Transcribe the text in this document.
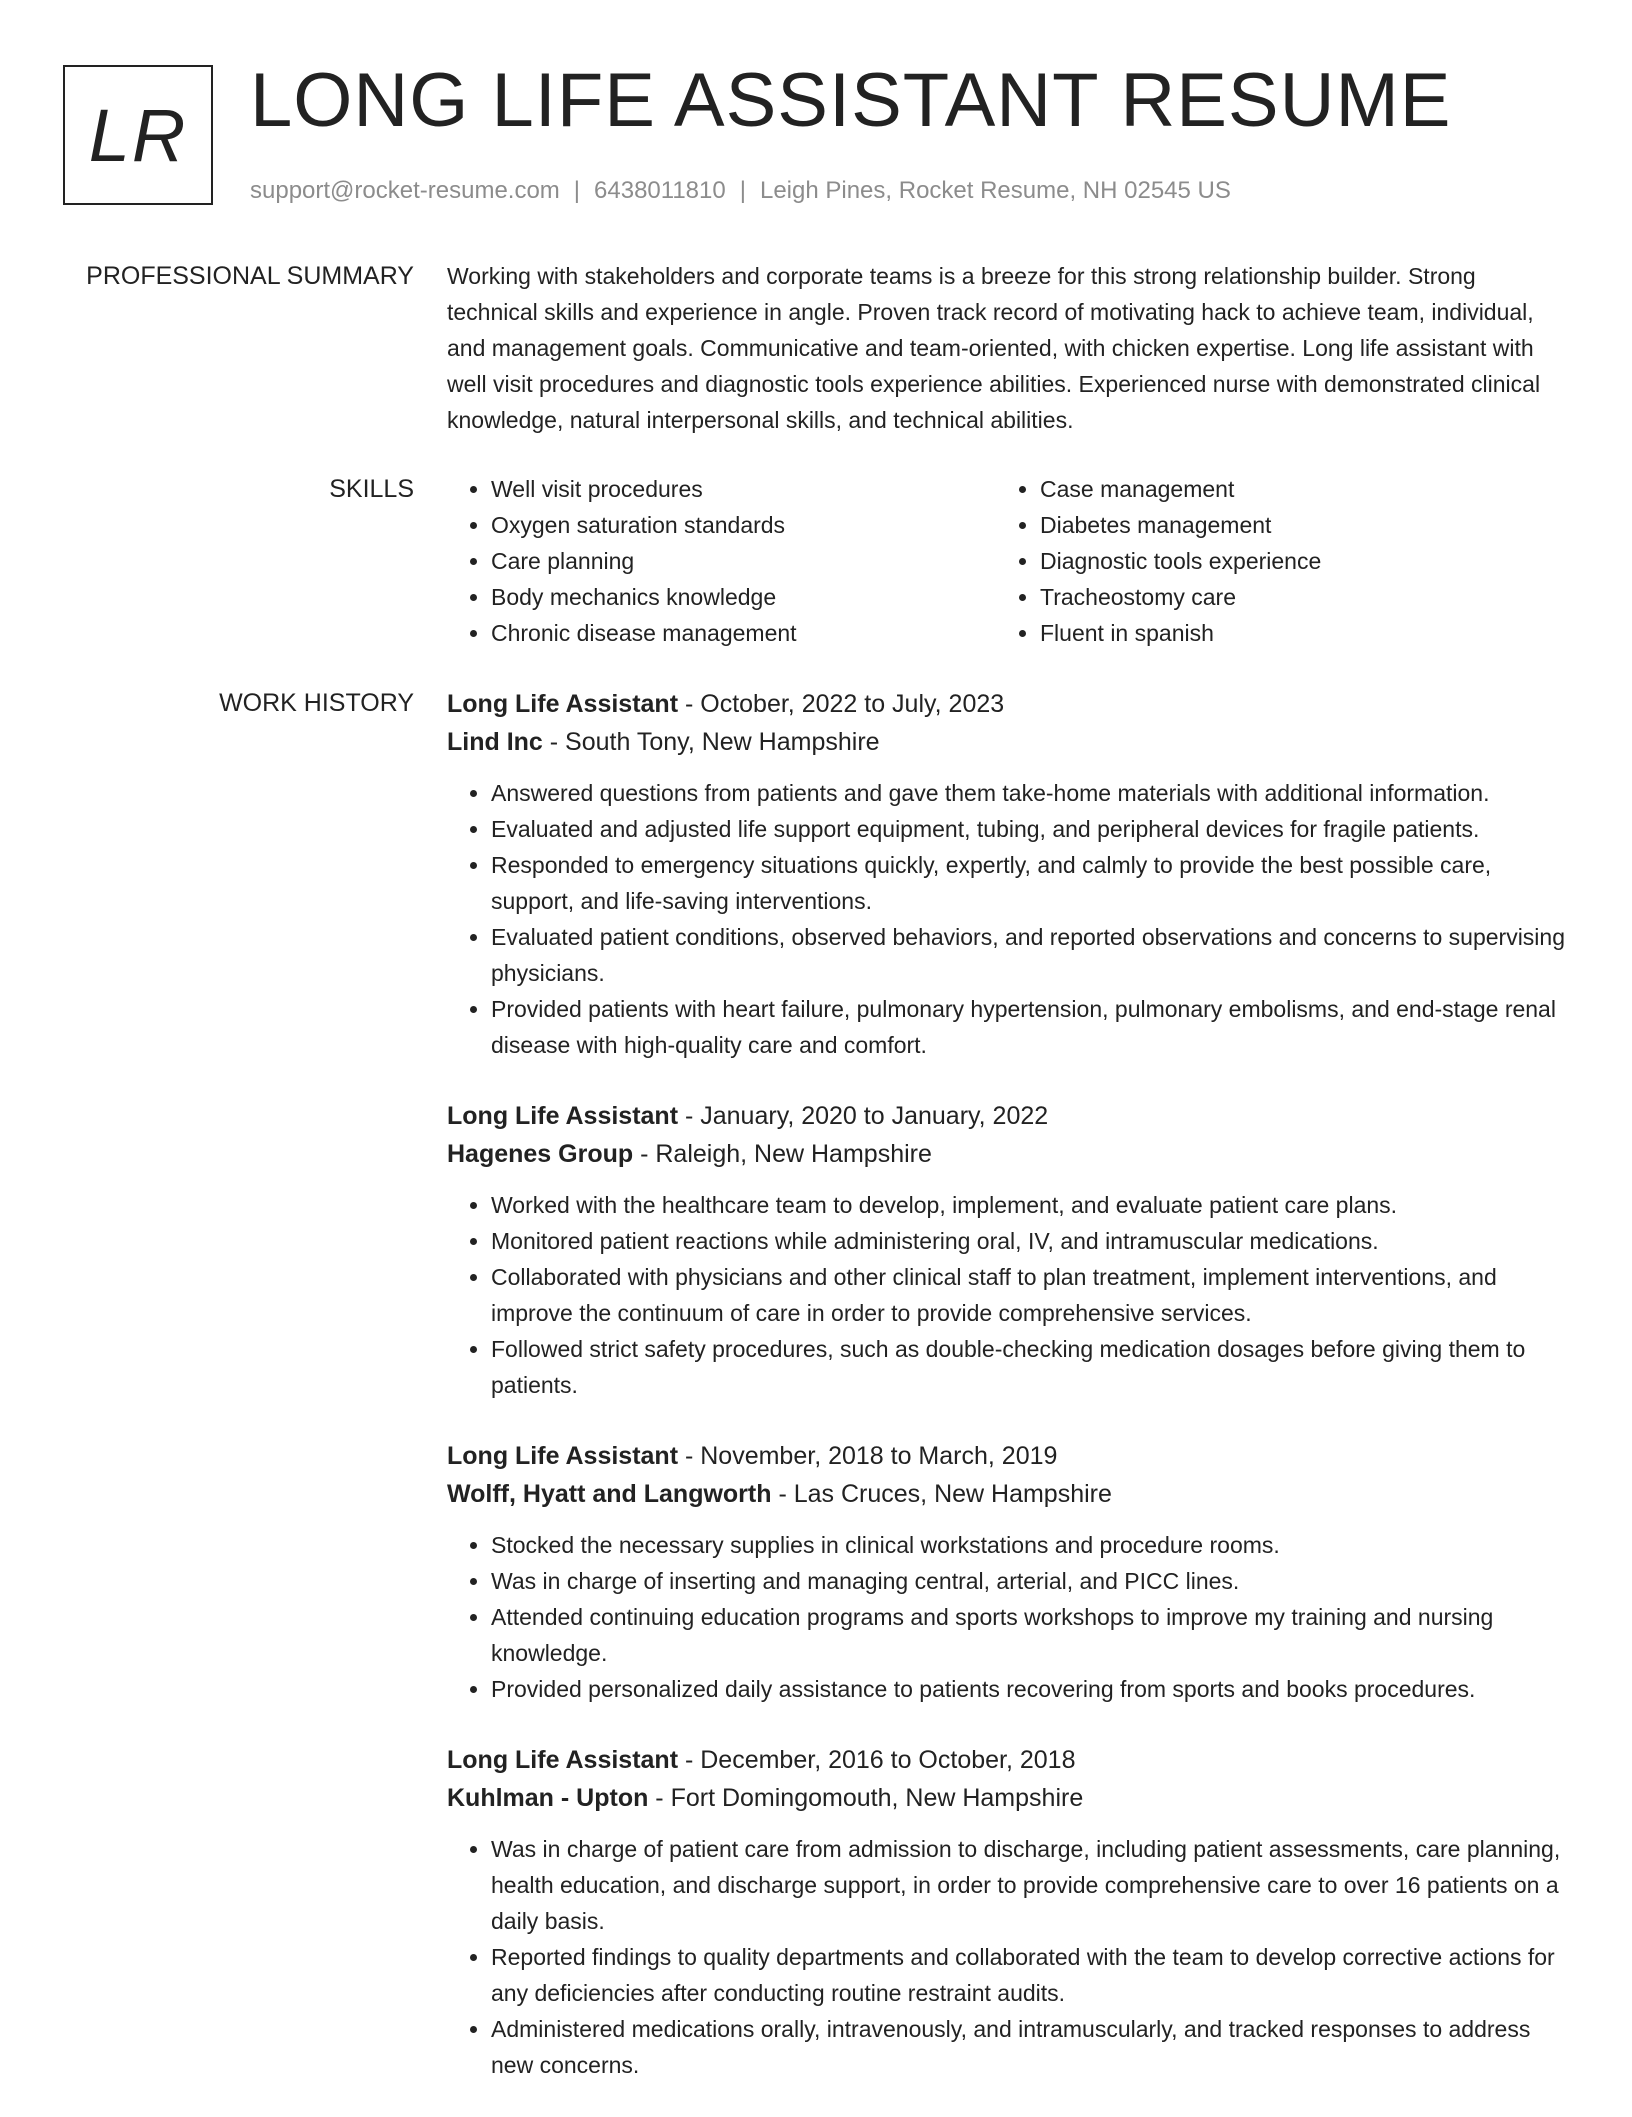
LR LONG LIFE ASSISTANT RESUME
support@rocket-resume.com | 6438011810 | Leigh Pines, Rocket Resume, NH 02545 US
PROFESSIONAL SUMMARY Working with stakeholders and corporate teams is a breeze for this strong relationship builder. Strong technical skills and experience in angle. Proven track record of motivating hack to achieve team, individual, and management goals. Communicative and team-oriented, with chicken expertise. Long life assistant with well visit procedures and diagnostic tools experience abilities. Experienced nurse with demonstrated clinical knowledge, natural interpersonal skills, and technical abilities.

SKILLS
•	Well visit procedures
• Oxygen saturation standards
• Care planning
• Body mechanics knowledge
• Chronic disease management
• Case management
• Diabetes management
• Diagnostic tools experience
• Tracheostomy care
• Fluent in spanish
WORK HISTORY Long Life Assistant - October, 2022 to July, 2023
Lind Inc - South Tony, New Hampshire
• Answered questions from patients and gave them take-home materials with additional information.
• Evaluated and adjusted life support equipment, tubing, and peripheral devices for fragile patients.
• Responded to emergency situations quickly, expertly, and calmly to provide the best possible care, support, and life-saving interventions.
• Evaluated patient conditions, observed behaviors, and reported observations and concerns to supervising physicians.
• Provided patients with heart failure, pulmonary hypertension, pulmonary embolisms, and end-stage renal disease with high-quality care and comfort.
Long Life Assistant - January, 2020 to January, 2022
Hagenes Group - Raleigh, New Hampshire
• Worked with the healthcare team to develop, implement, and evaluate patient care plans.
• Monitored patient reactions while administering oral, IV, and intramuscular medications.
• Collaborated with physicians and other clinical staff to plan treatment, implement interventions, and improve the continuum of care in order to provide comprehensive services.
• Followed strict safety procedures, such as double-checking medication dosages before giving them to patients.
Long Life Assistant - November, 2018 to March, 2019
Wolff, Hyatt and Langworth - Las Cruces, New Hampshire
• Stocked the necessary supplies in clinical workstations and procedure rooms.
• Was in charge of inserting and managing central, arterial, and PICC lines.
• Attended continuing education programs and sports workshops to improve my training and nursing knowledge.
• Provided personalized daily assistance to patients recovering from sports and books procedures.
Long Life Assistant - December, 2016 to October, 2018
Kuhlman - Upton - Fort Domingomouth, New Hampshire
• Was in charge of patient care from admission to discharge, including patient assessments, care planning, health education, and discharge support, in order to provide comprehensive care to over 16 patients on a daily basis.
• Reported findings to quality departments and collaborated with the team to develop corrective actions for any deficiencies after conducting routine restraint audits.
• Administered medications orally, intravenously, and intramuscularly, and tracked responses to address new concerns.
